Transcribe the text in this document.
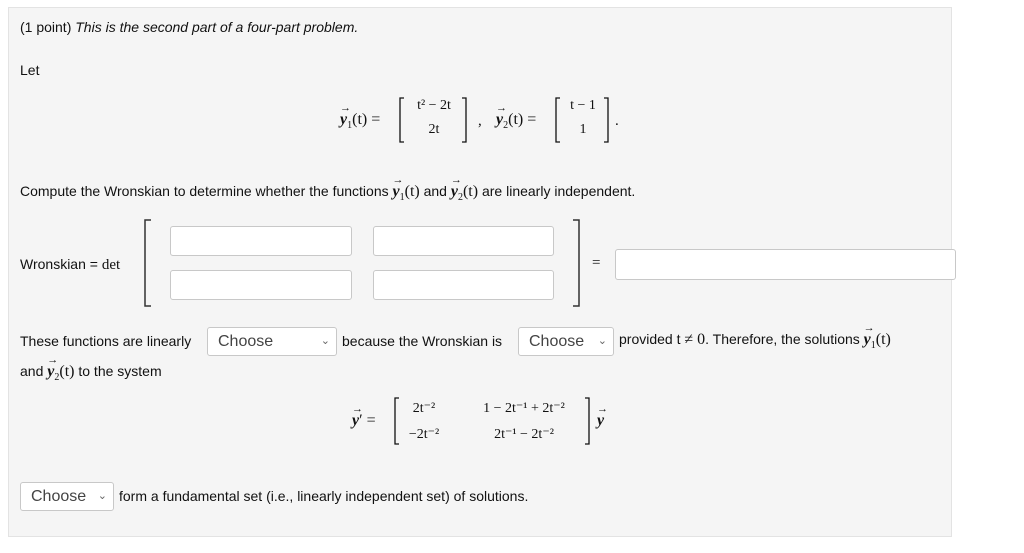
(1 point) This is the second part of a four-part problem.
Let
→
$y_1(t)$ =
t² − 2t
2t
,
→
$y_2(t)$ =
t − 1
1
.
Compute the Wronskian to determine whether the functions
→
$y_1(t)$ and
→
$y_2(t)$ are linearly independent.
Wronskian = det	=
These functions are linearly	Choose	⌄ because the Wronskian is	Choose ⌄ provided t ≠ 0. Therefore, the solutions
→
$y_1(t)$
and
→
$y_2(t)$ to the system
→
y′ =
2t⁻²	1 − 2t⁻¹ + 2t⁻²
−2t⁻²	2t⁻¹ − 2t⁻²
→
y
Choose ⌄ form a fundamental set (i.e., linearly independent set) of solutions.
